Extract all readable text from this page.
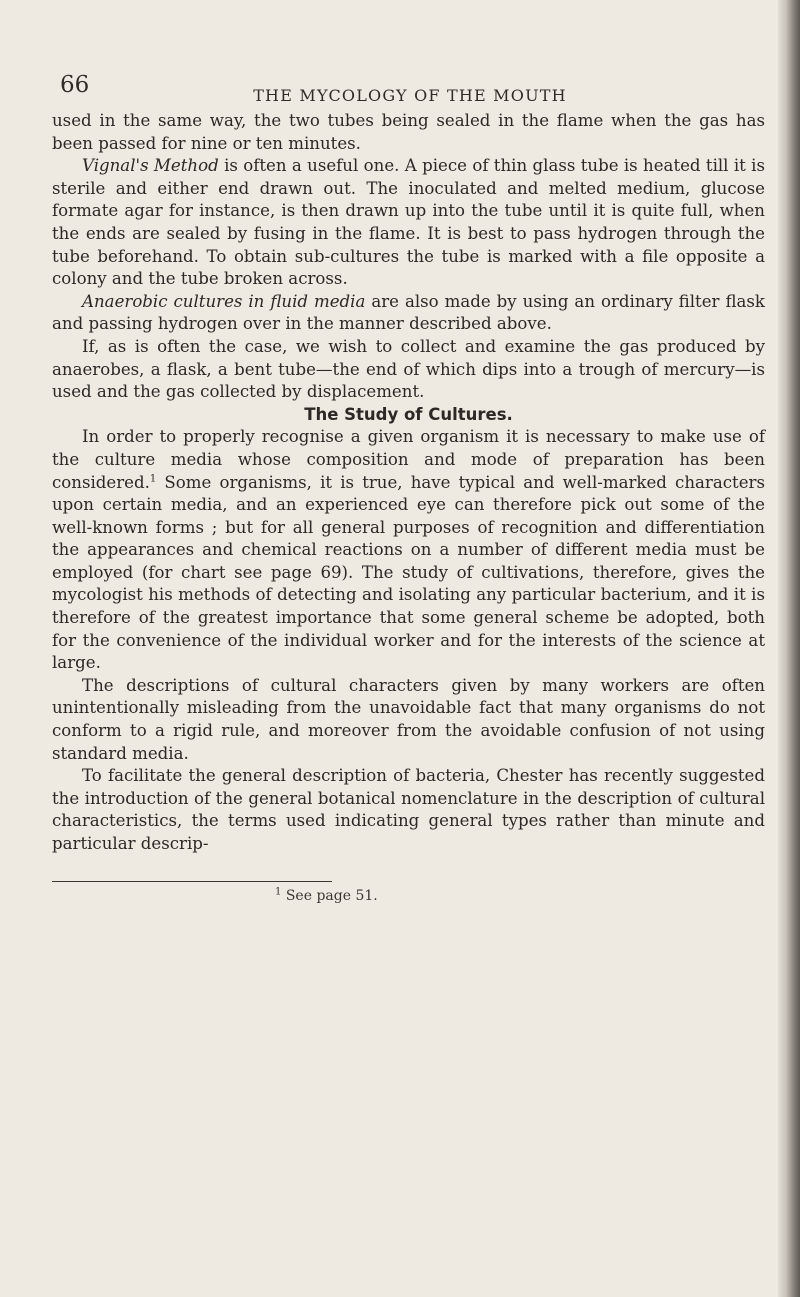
66	THE MYCOLOGY OF THE MOUTH

used in the same way, the two tubes being sealed in the flame when the gas has been passed for nine or ten minutes.

Vignal's Method is often a useful one. A piece of thin glass tube is heated till it is sterile and either end drawn out. The inoculated and melted medium, glucose formate agar for instance, is then drawn up into the tube until it is quite full, when the ends are sealed by fusing in the flame. It is best to pass hydrogen through the tube beforehand. To obtain sub-cultures the tube is marked with a file opposite a colony and the tube broken across.

Anaerobic cultures in fluid media are also made by using an ordinary filter flask and passing hydrogen over in the manner described above.

If, as is often the case, we wish to collect and examine the gas produced by anaerobes, a flask, a bent tube—the end of which dips into a trough of mercury—is used and the gas collected by displacement.

The Study of Cultures.

In order to properly recognise a given organism it is necessary to make use of the culture media whose composition and mode of preparation has been considered.$^1$ Some organisms, it is true, have typical and well-marked characters upon certain media, and an experienced eye can therefore pick out some of the well-known forms ; but for all general purposes of recognition and differentiation the appearances and chemical reactions on a number of different media must be employed (for chart see page 69). The study of cultivations, therefore, gives the mycologist his methods of detecting and isolating any particular bacterium, and it is therefore of the greatest importance that some general scheme be adopted, both for the convenience of the individual worker and for the interests of the science at large.

The descriptions of cultural characters given by many workers are often unintentionally misleading from the unavoidable fact that many organisms do not conform to a rigid rule, and moreover from the avoidable confusion of not using standard media.

To facilitate the general description of bacteria, Chester has recently suggested the introduction of the general botanical nomenclature in the description of cultural characteristics, the terms used indicating general types rather than minute and particular descrip-

$^1$ See page 51.
